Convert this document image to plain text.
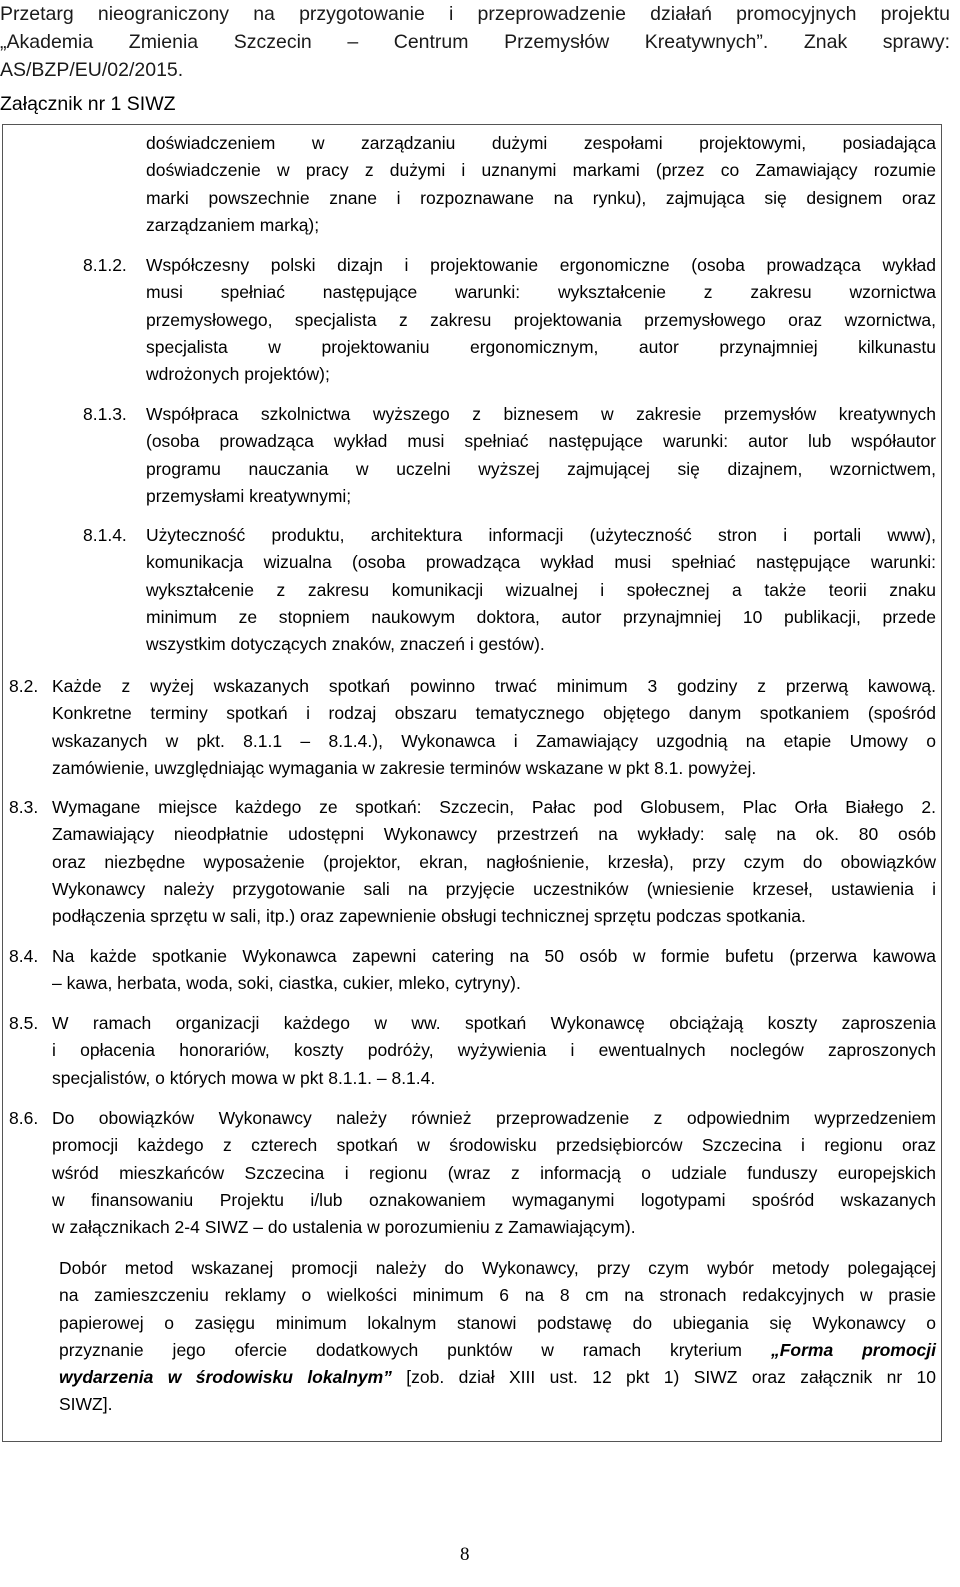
Przetarg nieograniczony na przygotowanie i przeprowadzenie działań promocyjnych projektu
„Akademia Zmienia Szczecin – Centrum Przemysłów Kreatywnych”. Znak sprawy:
AS/BZP/EU/02/2015.
Załącznik nr 1 SIWZ
doświadczeniem w zarządzaniu dużymi zespołami projektowymi, posiadająca
doświadczenie w pracy z dużymi i uznanymi markami (przez co Zamawiający rozumie
marki powszechnie znane i rozpoznawane na rynku), zajmująca się designem oraz
zarządzaniem marką);
8.1.2. Współczesny polski dizajn i projektowanie ergonomiczne (osoba prowadząca wykład
musi spełniać następujące warunki: wykształcenie z zakresu wzornictwa
przemysłowego, specjalista z zakresu projektowania przemysłowego oraz wzornictwa,
specjalista w projektowaniu ergonomicznym, autor przynajmniej kilkunastu
wdrożonych projektów);
8.1.3. Współpraca szkolnictwa wyższego z biznesem w zakresie przemysłów kreatywnych
(osoba prowadząca wykład musi spełniać następujące warunki: autor lub współautor
programu nauczania w uczelni wyższej zajmującej się dizajnem, wzornictwem,
przemysłami kreatywnymi;
8.1.4. Użyteczność produktu, architektura informacji (użyteczność stron i portali www),
komunikacja wizualna (osoba prowadząca wykład musi spełniać następujące warunki:
wykształcenie z zakresu komunikacji wizualnej i społecznej a także teorii znaku
minimum ze stopniem naukowym doktora, autor przynajmniej 10 publikacji, przede
wszystkim dotyczących znaków, znaczeń i gestów).
8.2. Każde z wyżej wskazanych spotkań powinno trwać minimum 3 godziny z przerwą kawową.
Konkretne terminy spotkań i rodzaj obszaru tematycznego objętego danym spotkaniem (spośród
wskazanych w pkt. 8.1.1 – 8.1.4.), Wykonawca i Zamawiający uzgodnią na etapie Umowy o
zamówienie, uwzględniając wymagania w zakresie terminów wskazane w pkt 8.1. powyżej.
8.3. Wymagane miejsce każdego ze spotkań: Szczecin, Pałac pod Globusem, Plac Orła Białego 2.
Zamawiający nieodpłatnie udostępni Wykonawcy przestrzeń na wykłady: salę na ok. 80 osób
oraz niezbędne wyposażenie (projektor, ekran, nagłośnienie, krzesła), przy czym do obowiązków
Wykonawcy należy przygotowanie sali na przyjęcie uczestników (wniesienie krzeseł, ustawienia i
podłączenia sprzętu w sali, itp.) oraz zapewnienie obsługi technicznej sprzętu podczas spotkania.
8.4. Na każde spotkanie Wykonawca zapewni catering na 50 osób w formie bufetu (przerwa kawowa
– kawa, herbata, woda, soki, ciastka, cukier, mleko, cytryny).
8.5. W ramach organizacji każdego w ww. spotkań Wykonawcę obciążają koszty zaproszenia
i opłacenia honorariów, koszty podróży, wyżywienia i ewentualnych noclegów zaproszonych
specjalistów, o których mowa w pkt 8.1.1. – 8.1.4.
8.6. Do obowiązków Wykonawcy należy również przeprowadzenie z odpowiednim wyprzedzeniem
promocji każdego z czterech spotkań w środowisku przedsiębiorców Szczecina i regionu oraz
wśród mieszkańców Szczecina i regionu (wraz z informacją o udziale funduszy europejskich
w finansowaniu Projektu i/lub oznakowaniem wymaganymi logotypami spośród wskazanych
w załącznikach 2-4 SIWZ – do ustalenia w porozumieniu z Zamawiającym).
Dobór metod wskazanej promocji należy do Wykonawcy, przy czym wybór metody polegającej
na zamieszczeniu reklamy o wielkości minimum 6 na 8 cm na stronach redakcyjnych w prasie
papierowej o zasięgu minimum lokalnym stanowi podstawę do ubiegania się Wykonawcy o
przyznanie jego ofercie dodatkowych punktów w ramach kryterium „Forma promocji
wydarzenia w środowisku lokalnym” [zob. dział XIII ust. 12 pkt 1) SIWZ oraz załącznik nr 10
SIWZ].
8
